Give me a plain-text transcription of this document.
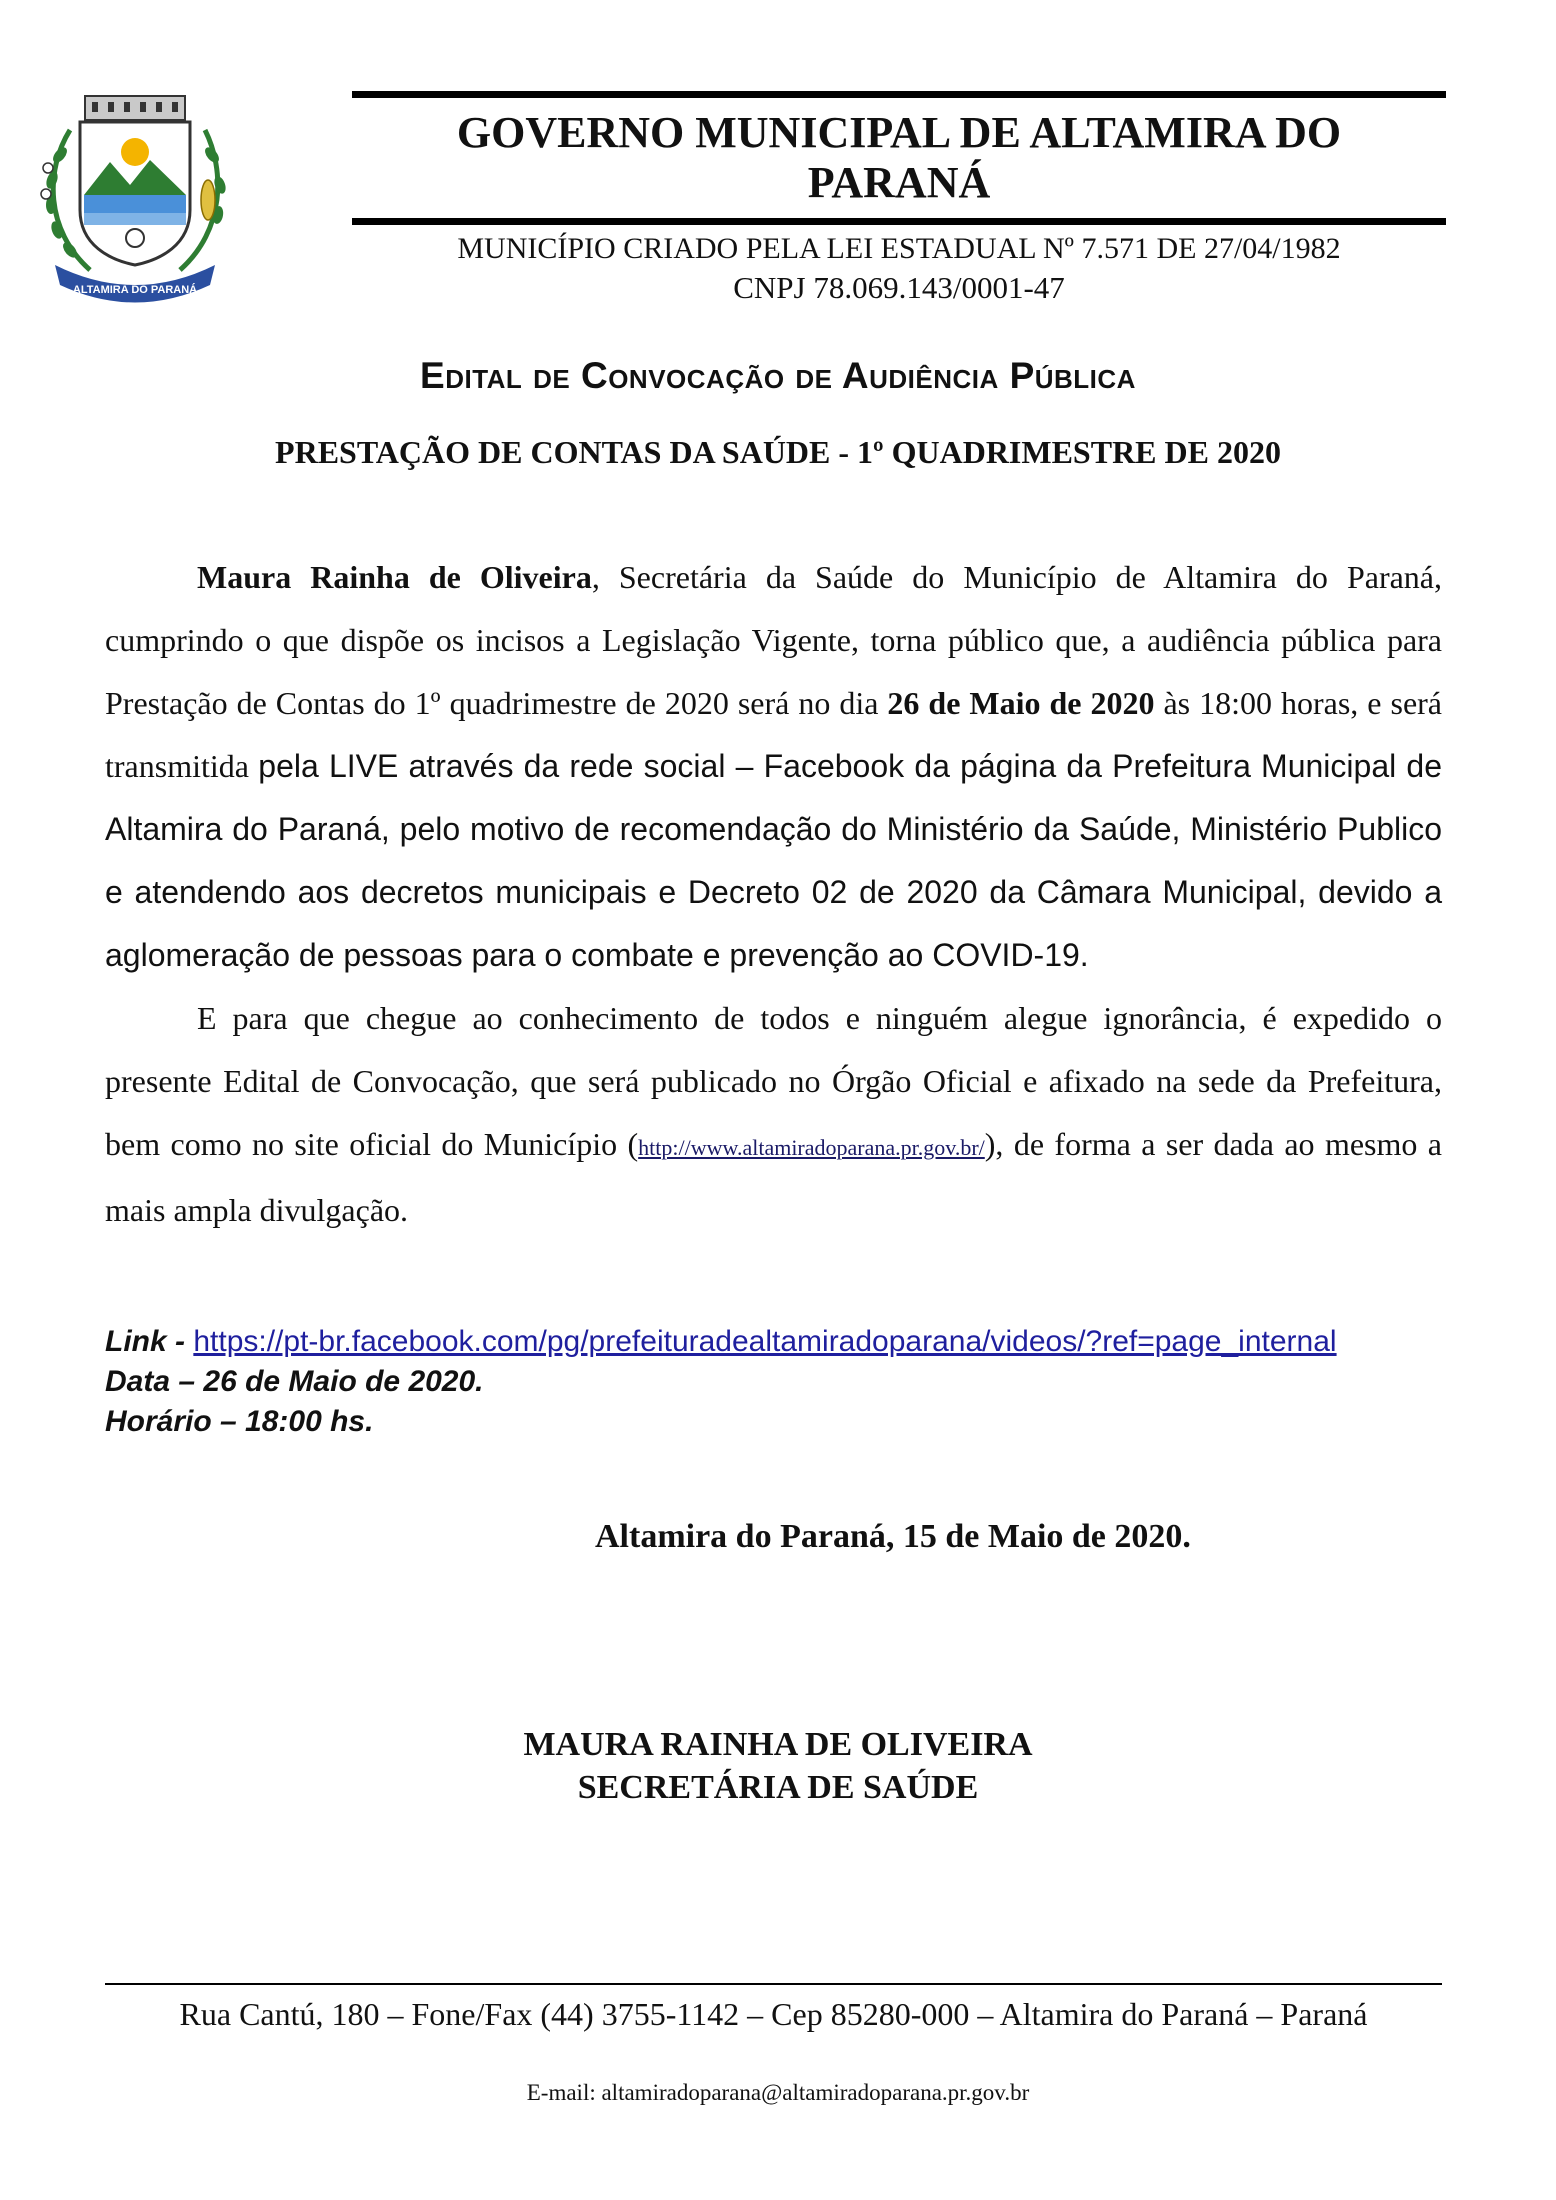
ALTAMIRA DO PARANÁ
GOVERNO MUNICIPAL DE ALTAMIRA DO
PARANÁ
MUNICÍPIO CRIADO PELA LEI ESTADUAL Nº 7.571 DE 27/04/1982
CNPJ 78.069.143/0001-47
Edital de Convocação de Audiência Pública
PRESTAÇÃO DE CONTAS DA SAÚDE - 1º QUADRIMESTRE DE 2020

Maura Rainha de Oliveira, Secretária da Saúde do Município de Altamira do Paraná, cumprindo o que dispõe os incisos a Legislação Vigente, torna público que, a audiência pública para Prestação de Contas do 1º quadrimestre de 2020 será no dia 26 de Maio de 2020 às 18:00 horas, e será transmitida pela LIVE através da rede social – Facebook da página da Prefeitura Municipal de Altamira do Paraná, pelo motivo de recomendação do Ministério da Saúde, Ministério Publico e atendendo aos decretos municipais e Decreto 02 de 2020 da Câmara Municipal, devido a aglomeração de pessoas para o combate e prevenção ao COVID-19.

E para que chegue ao conhecimento de todos e ninguém alegue ignorância, é expedido o presente Edital de Convocação, que será publicado no Órgão Oficial e afixado na sede da Prefeitura, bem como no site oficial do Município (http://www.altamiradoparana.pr.gov.br/), de forma a ser dada ao mesmo a mais ampla divulgação.

Link - https://pt-br.facebook.com/pg/prefeituradealtamiradoparana/videos/?ref=page_internal
Data – 26 de Maio de 2020.
Horário – 18:00 hs.
Altamira do Paraná, 15 de Maio de 2020.
MAURA RAINHA DE OLIVEIRA
SECRETÁRIA DE SAÚDE
Rua Cantú, 180 – Fone/Fax (44) 3755-1142 – Cep 85280-000 – Altamira do Paraná – Paraná
E-mail: altamiradoparana@altamiradoparana.pr.gov.br
